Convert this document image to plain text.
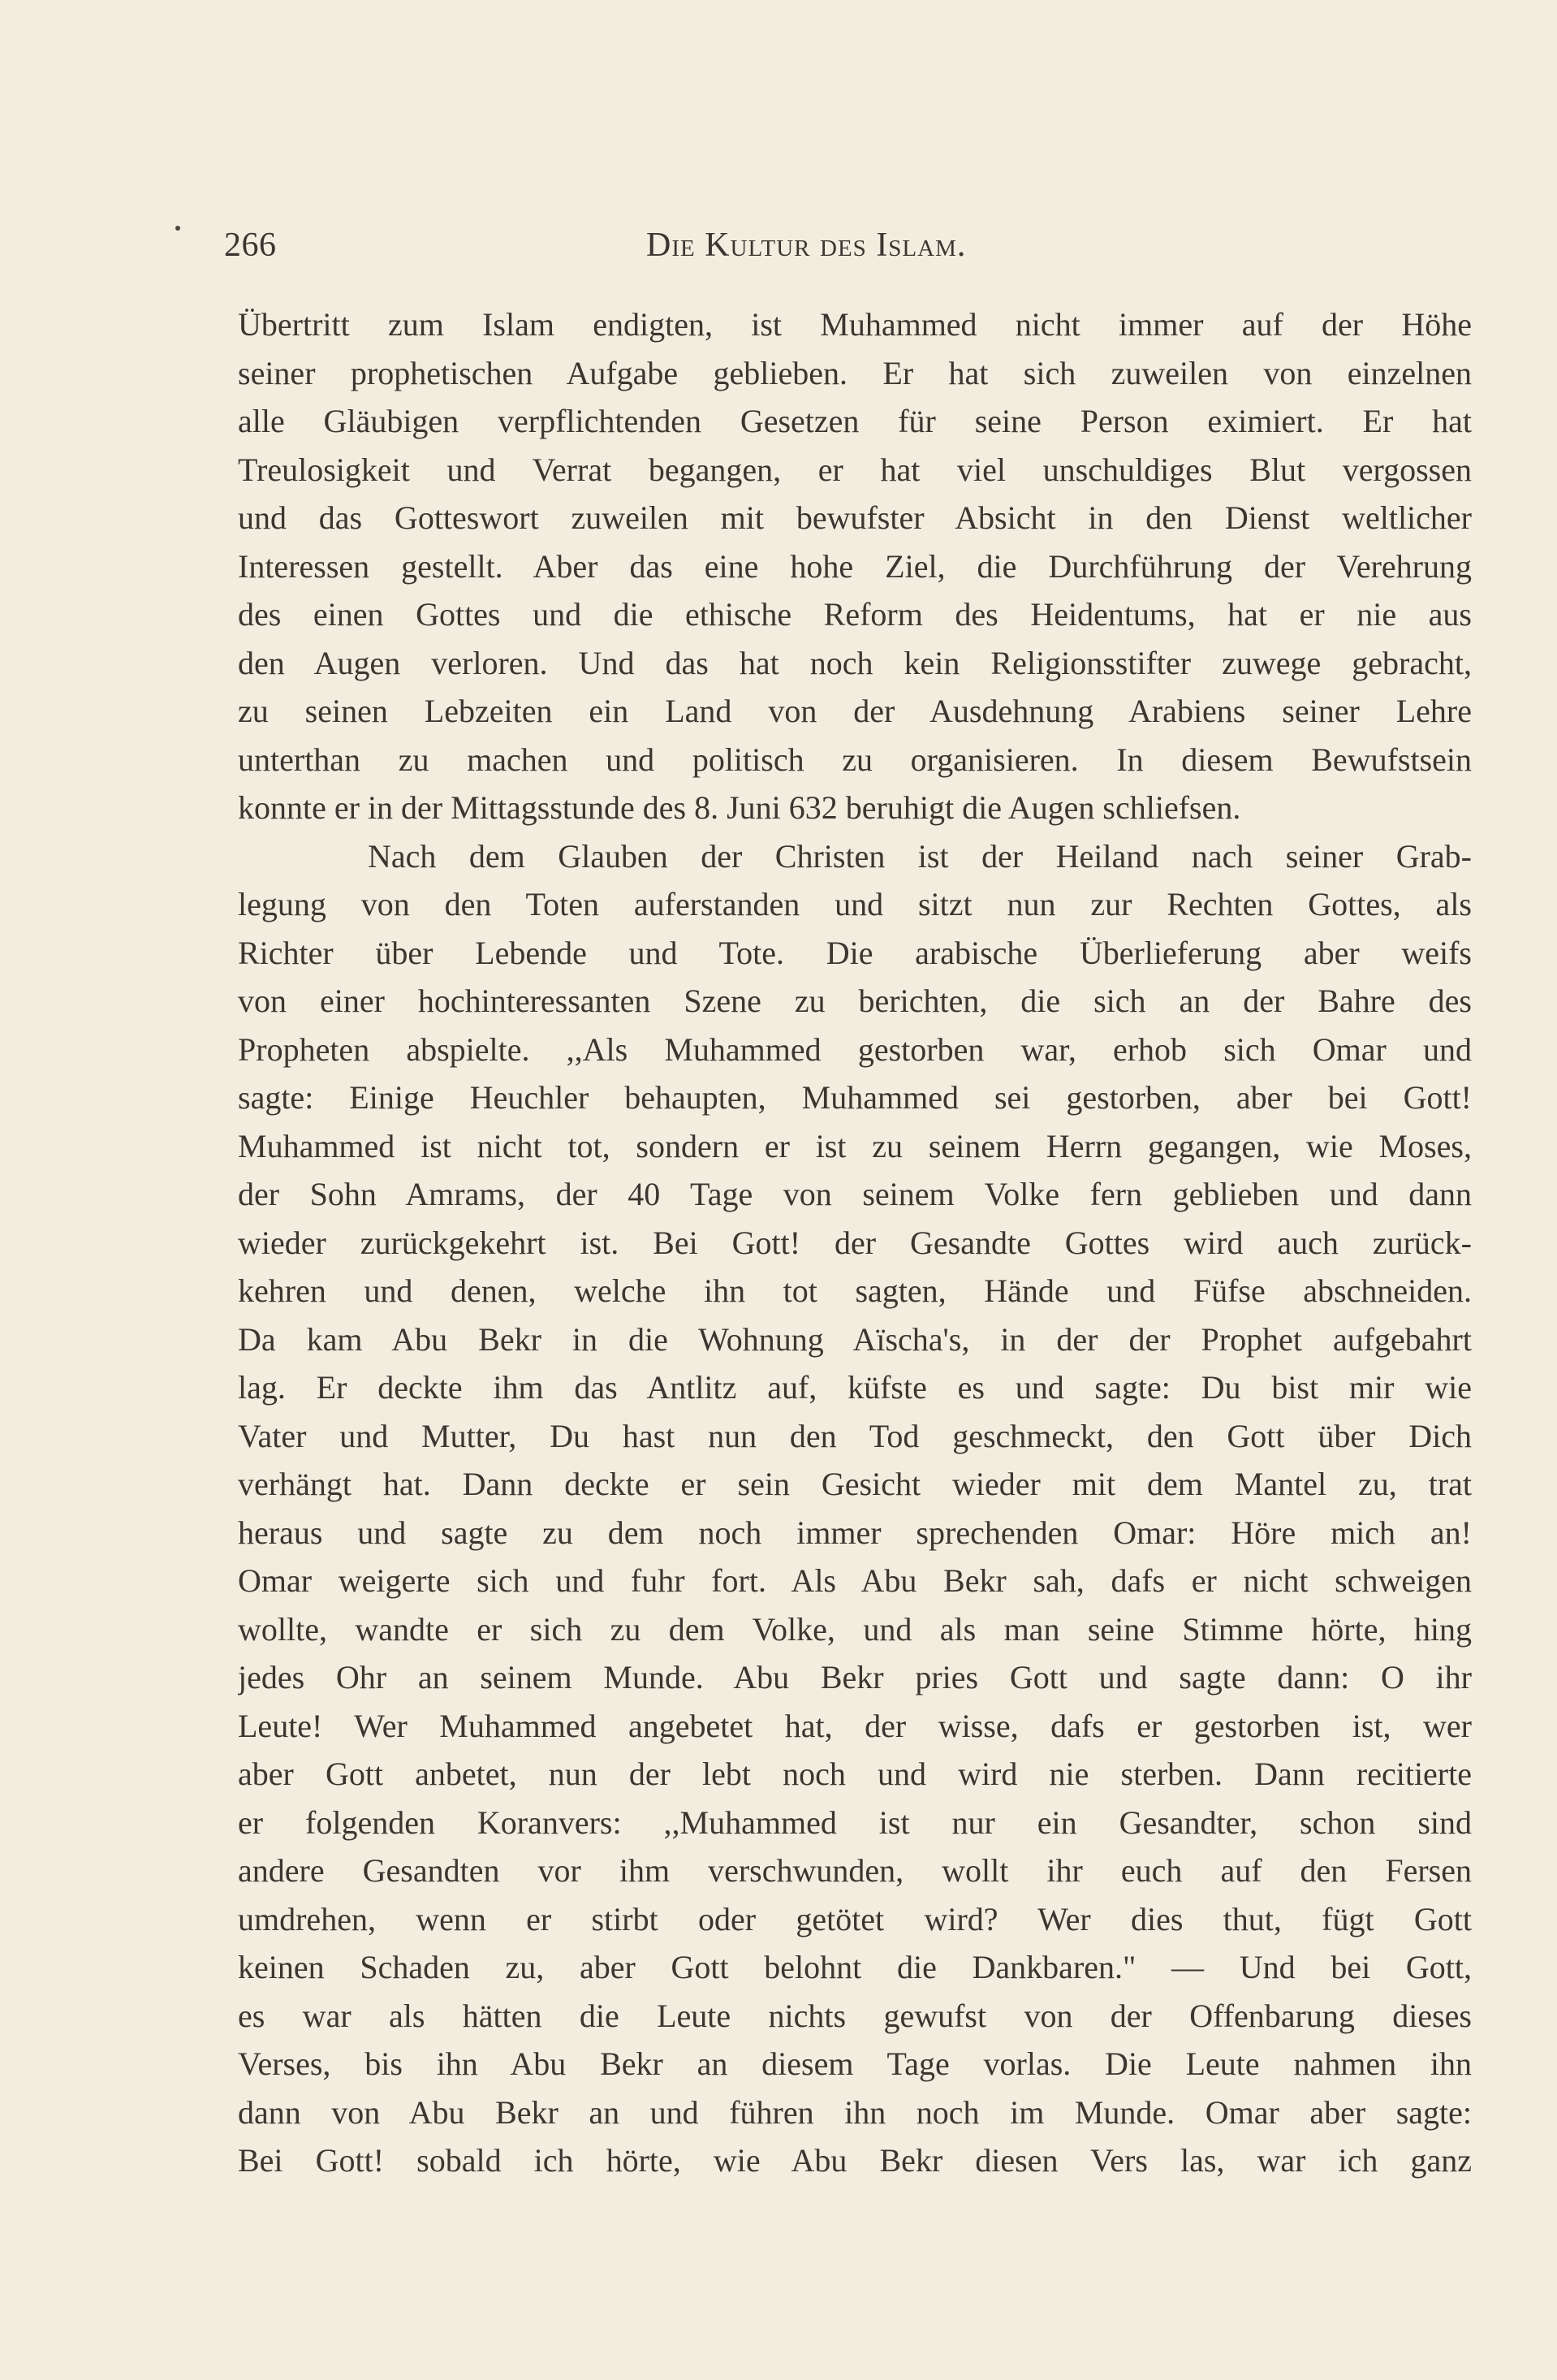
266	Die Kultur des Islam.
Übertritt zum Islam endigten, ist Muhammed nicht immer auf der Höhe
seiner prophetischen Aufgabe geblieben. Er hat sich zuweilen von einzelnen
alle Gläubigen verpflichtenden Gesetzen für seine Person eximiert. Er hat
Treulosigkeit und Verrat begangen, er hat viel unschuldiges Blut vergossen
und das Gotteswort zuweilen mit bewufster Absicht in den Dienst weltlicher
Interessen gestellt. Aber das eine hohe Ziel, die Durchführung der Verehrung
des einen Gottes und die ethische Reform des Heidentums, hat er nie aus
den Augen verloren. Und das hat noch kein Religionsstifter zuwege gebracht,
zu seinen Lebzeiten ein Land von der Ausdehnung Arabiens seiner Lehre
unterthan zu machen und politisch zu organisieren. In diesem Bewufstsein
konnte er in der Mittagsstunde des 8. Juni 632 beruhigt die Augen schliefsen.
Nach dem Glauben der Christen ist der Heiland nach seiner Grab-
legung von den Toten auferstanden und sitzt nun zur Rechten Gottes, als
Richter über Lebende und Tote. Die arabische Überlieferung aber weifs
von einer hochinteressanten Szene zu berichten, die sich an der Bahre des
Propheten abspielte. ,,Als Muhammed gestorben war, erhob sich Omar und
sagte: Einige Heuchler behaupten, Muhammed sei gestorben, aber bei Gott!
Muhammed ist nicht tot, sondern er ist zu seinem Herrn gegangen, wie Moses,
der Sohn Amrams, der 40 Tage von seinem Volke fern geblieben und dann
wieder zurückgekehrt ist. Bei Gott! der Gesandte Gottes wird auch zurück-
kehren und denen, welche ihn tot sagten, Hände und Füfse abschneiden.
Da kam Abu Bekr in die Wohnung Aïscha's, in der der Prophet aufgebahrt
lag. Er deckte ihm das Antlitz auf, küfste es und sagte: Du bist mir wie
Vater und Mutter, Du hast nun den Tod geschmeckt, den Gott über Dich
verhängt hat. Dann deckte er sein Gesicht wieder mit dem Mantel zu, trat
heraus und sagte zu dem noch immer sprechenden Omar: Höre mich an!
Omar weigerte sich und fuhr fort. Als Abu Bekr sah, dafs er nicht schweigen
wollte, wandte er sich zu dem Volke, und als man seine Stimme hörte, hing
jedes Ohr an seinem Munde. Abu Bekr pries Gott und sagte dann: O ihr
Leute! Wer Muhammed angebetet hat, der wisse, dafs er gestorben ist, wer
aber Gott anbetet, nun der lebt noch und wird nie sterben. Dann recitierte
er folgenden Koranvers: ,,Muhammed ist nur ein Gesandter, schon sind
andere Gesandten vor ihm verschwunden, wollt ihr euch auf den Fersen
umdrehen, wenn er stirbt oder getötet wird? Wer dies thut, fügt Gott
keinen Schaden zu, aber Gott belohnt die Dankbaren." — Und bei Gott,
es war als hätten die Leute nichts gewufst von der Offenbarung dieses
Verses, bis ihn Abu Bekr an diesem Tage vorlas. Die Leute nahmen ihn
dann von Abu Bekr an und führen ihn noch im Munde. Omar aber sagte:
Bei Gott! sobald ich hörte, wie Abu Bekr diesen Vers las, war ich ganz
